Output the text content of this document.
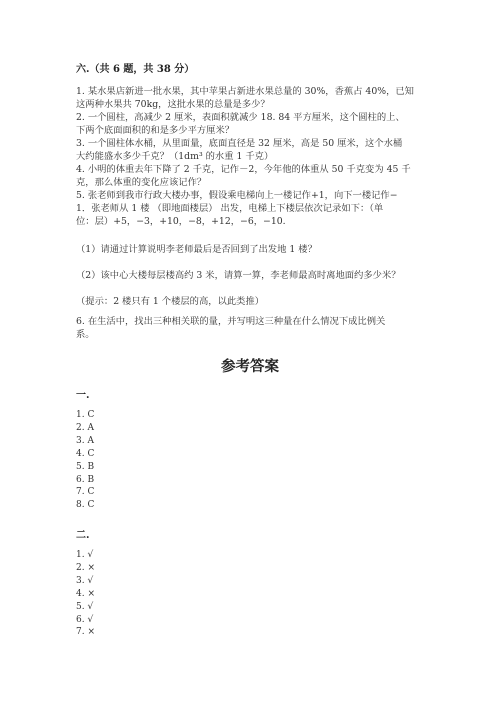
六.（共 6 题，共 38 分）

1. 某水果店新进一批水果，其中苹果占新进水果总量的 30%，香蕉占 40%，已知

这两种水果共 70kg，这批水果的总量是多少？

2. 一个圆柱，高减少 2 厘米，表面积就减少 18. 84 平方厘米，这个圆柱的上、

下两个底面面积的和是多少平方厘米？

3. 一个圆柱体水桶，从里面量，底面直径是 32 厘米，高是 50 厘米，这个水桶

大约能盛水多少千克？（1dm³ 的水重 1 千克）

4. 小明的体重去年下降了 2 千克，记作－2，今年他的体重从 50 千克变为 45 千

克，那么体重的变化应该记作？

5. 张老师到我市行政大楼办事，假设乘电梯向上一楼记作+1，向下一楼记作−

1．张老师从 1 楼 （即地面楼层） 出发，电梯上下楼层依次记录如下：（单

位：层）+5，−3，+10，−8，+12，−6，−10.

（1）请通过计算说明李老师最后是否回到了出发地 1 楼？
（2）该中心大楼每层楼高约 3 米，请算一算，李老师最高时离地面约多少米？
（提示：2 楼只有 1 个楼层的高，以此类推）

6. 在生活中，找出三种相关联的量，并写明这三种量在什么情况下成比例关

系。

参考答案
一.
1. C
2. A
3. A
4. C
5. B
6. B
7. C
8. C
二.
1. √
2. ×
3. √
4. ×
5. √
6. √
7. ×
